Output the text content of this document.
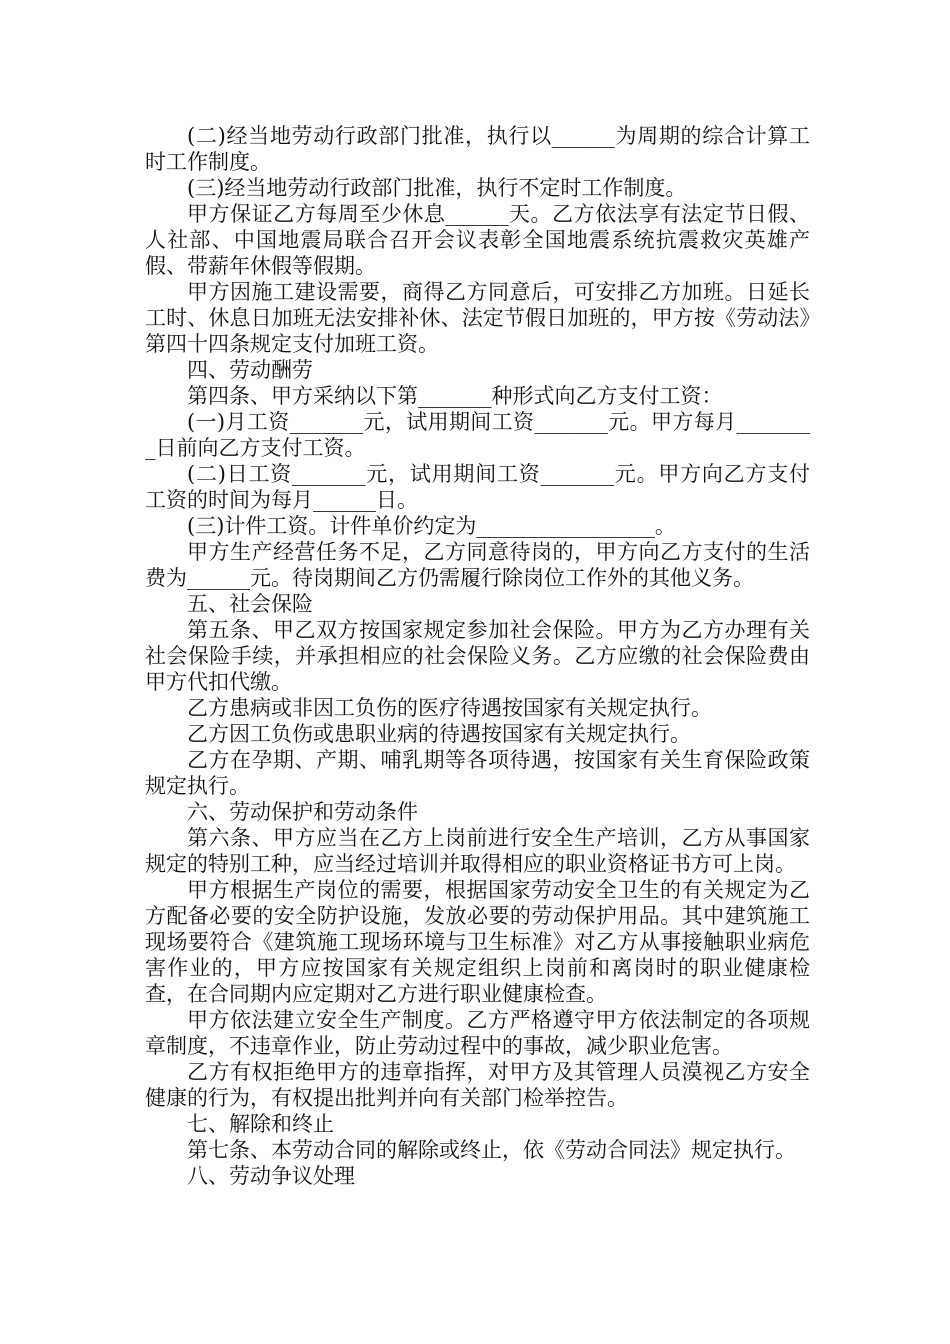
(二)经当地劳动行政部门批准，执行以______为周期的综合计算工时工作制度。

(三)经当地劳动行政部门批准，执行不定时工作制度。

甲方保证乙方每周至少休息______天。乙方依法享有法定节日假、人社部、中国地震局联合召开会议表彰全国地震系统抗震救灾英雄产假、带薪年休假等假期。

甲方因施工建设需要，商得乙方同意后，可安排乙方加班。日延长工时、休息日加班无法安排补休、法定节假日加班的，甲方按《劳动法》第四十四条规定支付加班工资。

四、劳动酬劳

第四条、甲方采纳以下第_______种形式向乙方支付工资：

(一)月工资_______元，试用期间工资_______元。甲方每月________日前向乙方支付工资。

(二)日工资_______元，试用期间工资_______元。甲方向乙方支付工资的时间为每月______日。

(三)计件工资。计件单价约定为_________________。

甲方生产经营任务不足，乙方同意待岗的，甲方向乙方支付的生活费为______元。待岗期间乙方仍需履行除岗位工作外的其他义务。

五、社会保险

第五条、甲乙双方按国家规定参加社会保险。甲方为乙方办理有关社会保险手续，并承担相应的社会保险义务。乙方应缴的社会保险费由甲方代扣代缴。

乙方患病或非因工负伤的医疗待遇按国家有关规定执行。

乙方因工负伤或患职业病的待遇按国家有关规定执行。

乙方在孕期、产期、哺乳期等各项待遇，按国家有关生育保险政策规定执行。

六、劳动保护和劳动条件

第六条、甲方应当在乙方上岗前进行安全生产培训，乙方从事国家规定的特别工种，应当经过培训并取得相应的职业资格证书方可上岗。

甲方根据生产岗位的需要，根据国家劳动安全卫生的有关规定为乙方配备必要的安全防护设施，发放必要的劳动保护用品。其中建筑施工现场要符合《建筑施工现场环境与卫生标准》对乙方从事接触职业病危害作业的，甲方应按国家有关规定组织上岗前和离岗时的职业健康检查，在合同期内应定期对乙方进行职业健康检查。

甲方依法建立安全生产制度。乙方严格遵守甲方依法制定的各项规章制度，不违章作业，防止劳动过程中的事故，减少职业危害。

乙方有权拒绝甲方的违章指挥，对甲方及其管理人员漠视乙方安全健康的行为，有权提出批判并向有关部门检举控告。

七、解除和终止

第七条、本劳动合同的解除或终止，依《劳动合同法》规定执行。

八、劳动争议处理
